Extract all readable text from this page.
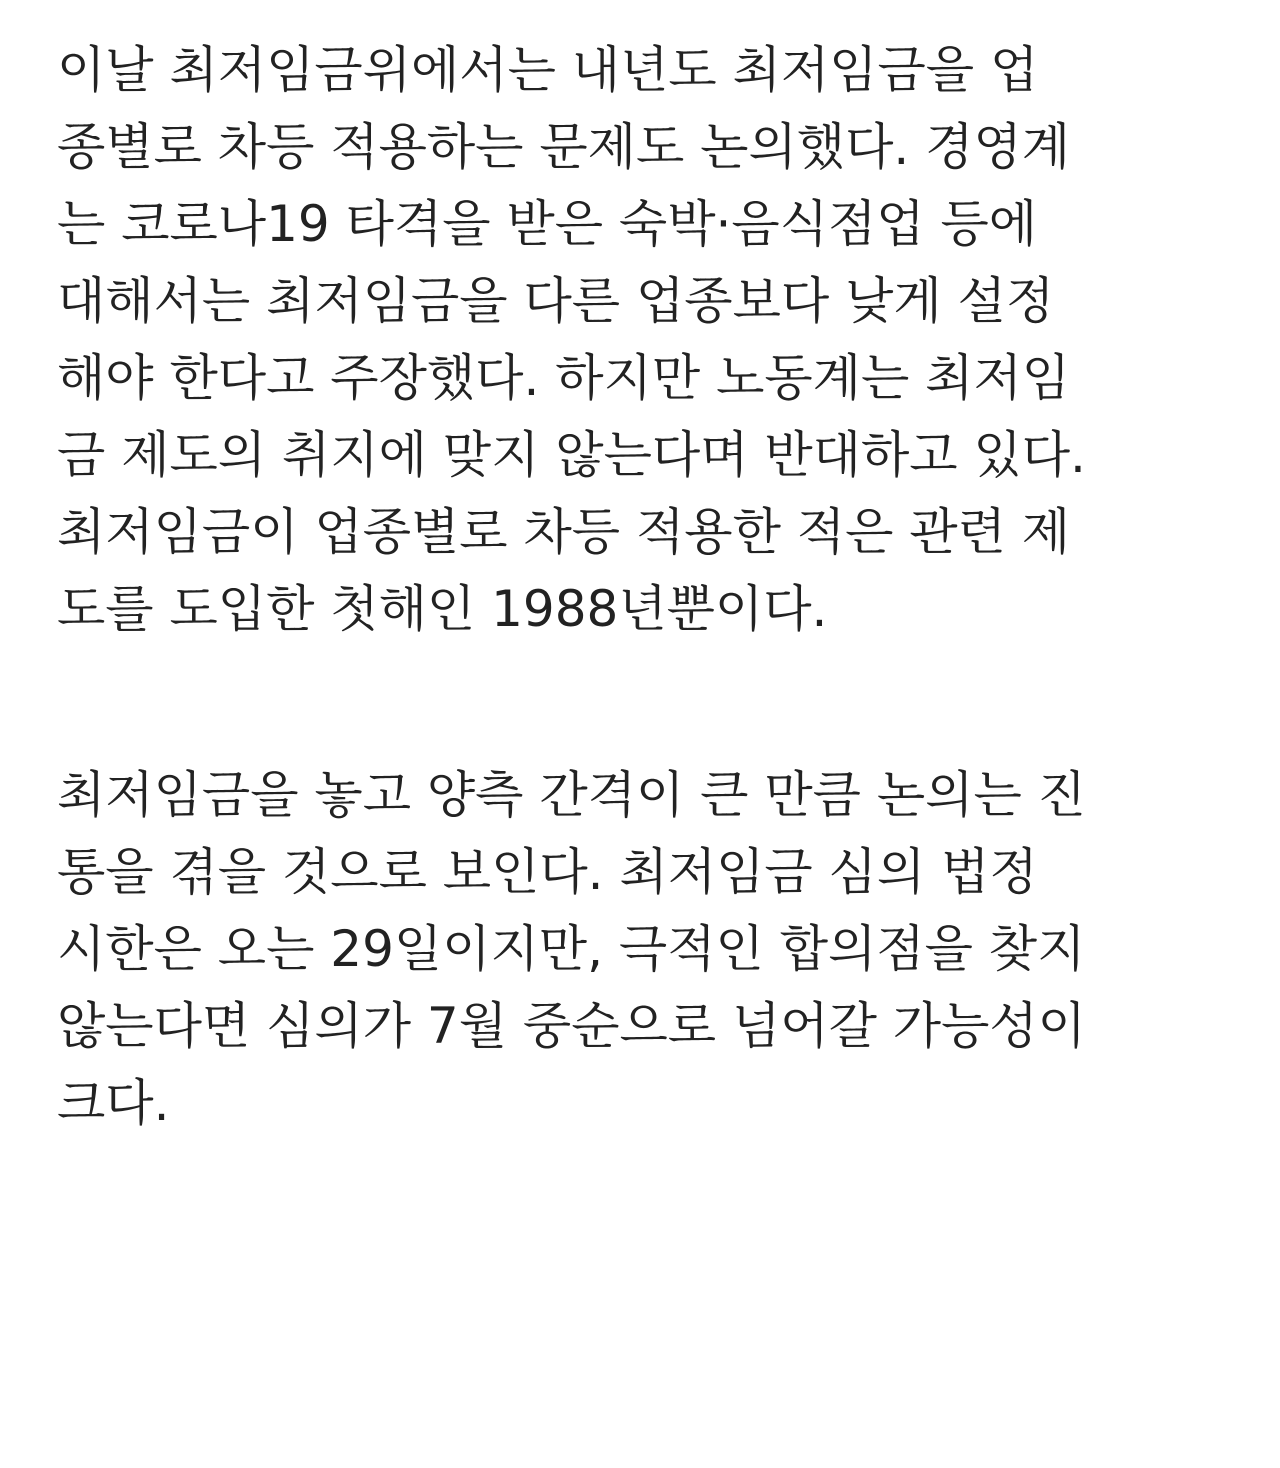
이날 최저임금위에서는 내년도 최저임금을 업
종별로 차등 적용하는 문제도 논의했다. 경영계
는 코로나19 타격을 받은 숙박·음식점업 등에
대해서는 최저임금을 다른 업종보다 낮게 설정
해야 한다고 주장했다. 하지만 노동계는 최저임
금 제도의 취지에 맞지 않는다며 반대하고 있다.
최저임금이 업종별로 차등 적용한 적은 관련 제
도를 도입한 첫해인 1988년뿐이다.

최저임금을 놓고 양측 간격이 큰 만큼 논의는 진
통을 겪을 것으로 보인다. 최저임금 심의 법정
시한은 오는 29일이지만, 극적인 합의점을 찾지
않는다면 심의가 7월 중순으로 넘어갈 가능성이
크다.
